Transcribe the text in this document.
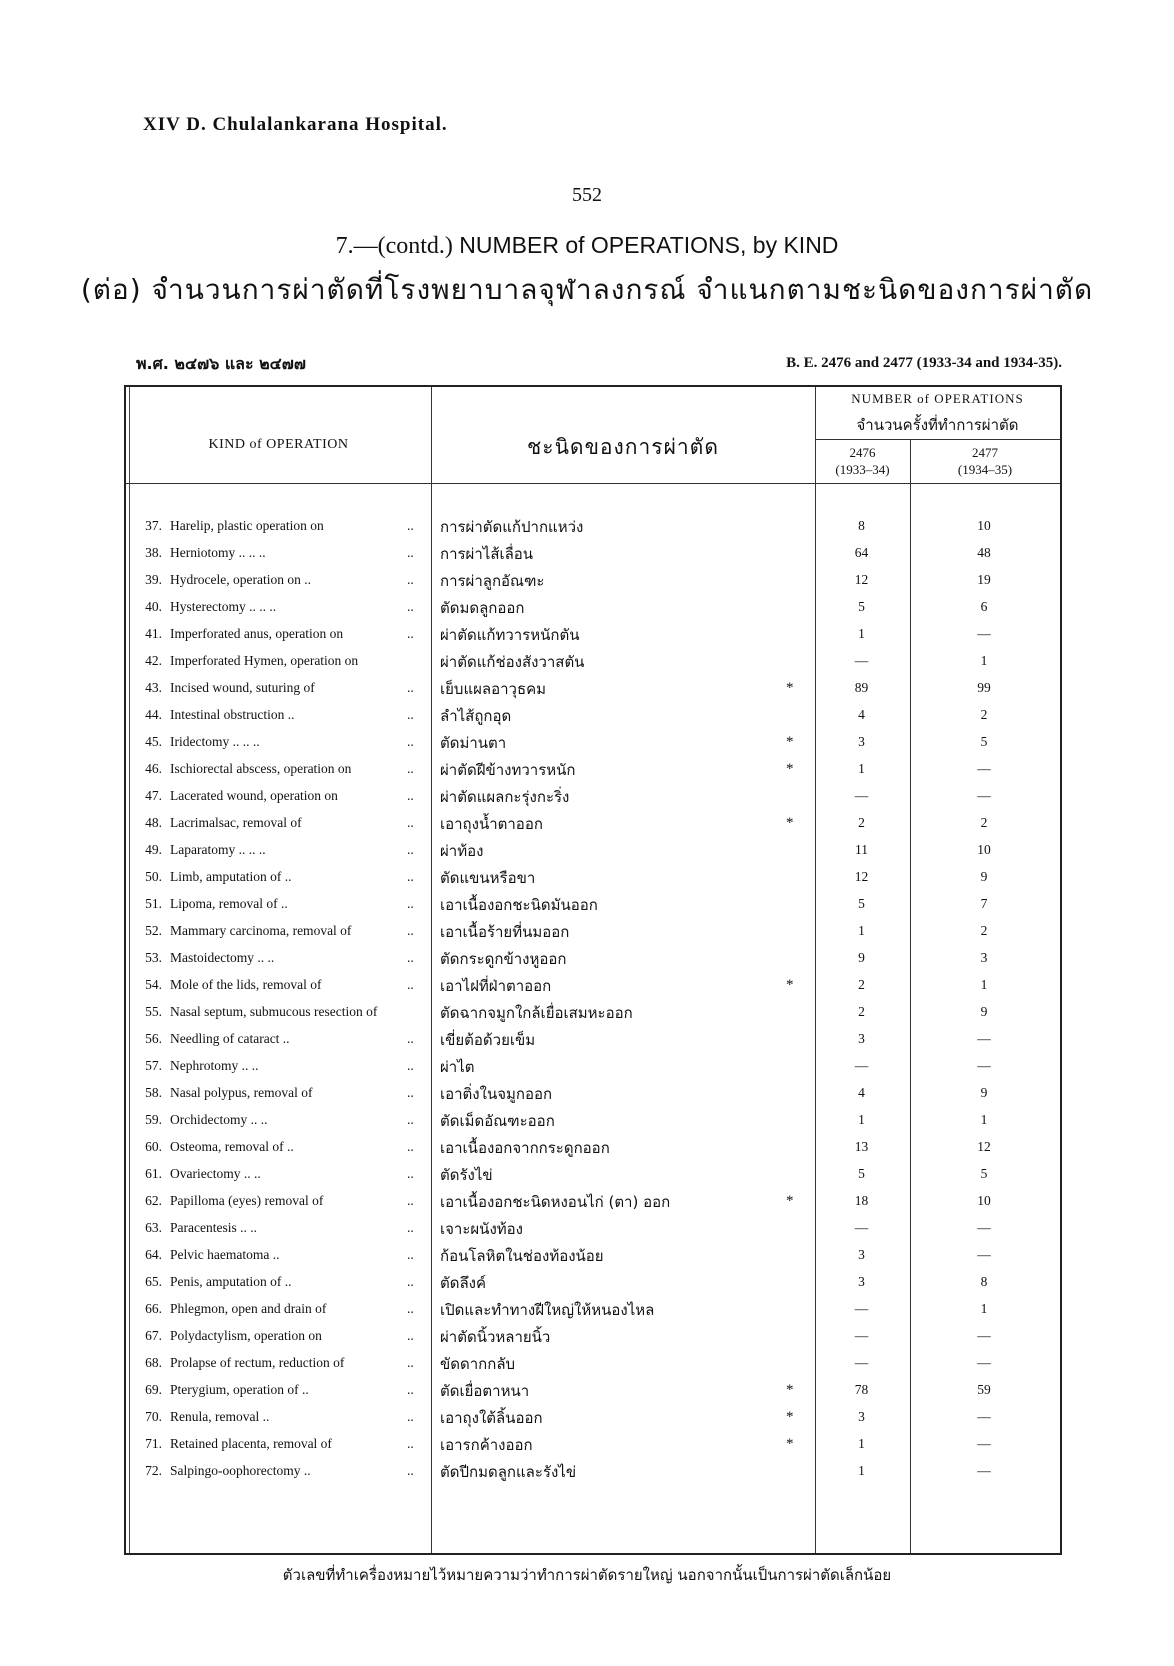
XIV D. Chulalankarana Hospital.
552
7.—(contd.) NUMBER of OPERATIONS, by KIND
(ต่อ) จำนวนการผ่าตัดที่โรงพยาบาลจุฬาลงกรณ์ จำแนกตามชะนิดของการผ่าตัด
พ.ศ. ๒๔๗๖ และ ๒๔๗๗	B. E. 2476 and 2477 (1933-34 and 1934-35).
KIND of OPERATION	ชะนิดของการผ่าตัด
NUMBER of OPERATIONS
จำนวนครั้งที่ทำการผ่าตัด
2476
(1933–34)
2477
(1934–35)
37. Harelip, plastic operation on	.. การผ่าตัดแก้ปากแหว่ง	8	10
38. Herniotomy .. .. ..	.. การผ่าไส้เลื่อน	64	48
39. Hydrocele, operation on ..	.. การผ่าลูกอัณฑะ	12	19
40. Hysterectomy .. .. ..	.. ตัดมดลูกออก	5	6
41. Imperforated anus, operation on	.. ผ่าตัดแก้ทวารหนักตัน	1	—
42. Imperforated Hymen, operation on	ผ่าตัดแก้ช่องสังวาสตัน	—	1
43. Incised wound, suturing of	.. เย็บแผลอาวุธคม	*	89	99
44. Intestinal obstruction ..	.. ลำไส้ถูกอุด	4	2
45. Iridectomy .. .. ..	.. ตัดม่านตา	*	3	5
46. Ischiorectal abscess, operation on	.. ผ่าตัดฝีข้างทวารหนัก	*	1	—
47. Lacerated wound, operation on	.. ผ่าตัดแผลกะรุ่งกะริ่ง	—	—
48. Lacrimalsac, removal of	.. เอาถุงน้ำตาออก	*	2	2
49. Laparatomy .. .. ..	.. ผ่าท้อง	11	10
50. Limb, amputation of ..	.. ตัดแขนหรือขา	12	9
51. Lipoma, removal of ..	.. เอาเนื้องอกชะนิดมันออก	5	7
52. Mammary carcinoma, removal of	.. เอาเนื้อร้ายที่นมออก	1	2
53. Mastoidectomy .. ..	.. ตัดกระดูกข้างหูออก	9	3
54. Mole of the lids, removal of	.. เอาไฝที่ฝ่าตาออก	*	2	1
55. Nasal septum, submucous resection of	ตัดฉากจมูกใกล้เยื่อเสมหะออก	2	9
56. Needling of cataract ..	.. เขี่ยต้อด้วยเข็ม	3	—
57. Nephrotomy .. ..	.. ผ่าไต	—	—
58. Nasal polypus, removal of	.. เอาติ่งในจมูกออก	4	9
59. Orchidectomy .. ..	.. ตัดเม็ดอัณฑะออก	1	1
60. Osteoma, removal of ..	.. เอาเนื้องอกจากกระดูกออก	13	12
61. Ovariectomy .. ..	.. ตัดรังไข่	5	5
62. Papilloma (eyes) removal of	.. เอาเนื้องอกชะนิดหงอนไก่ (ตา) ออก	*	18	10
63. Paracentesis .. ..	.. เจาะผนังท้อง	—	—
64. Pelvic haematoma ..	.. ก้อนโลหิตในช่องท้องน้อย	3	—
65. Penis, amputation of ..	.. ตัดลึงค์	3	8
66. Phlegmon, open and drain of	.. เปิดและทำทางฝีใหญ่ให้หนองไหล	—	1
67. Polydactylism, operation on	.. ผ่าตัดนิ้วหลายนิ้ว	—	—
68. Prolapse of rectum, reduction of	.. ขัดดากกลับ	—	—
69. Pterygium, operation of ..	.. ตัดเยื่อตาหนา	*	78	59
70. Renula, removal ..	.. เอาถุงใต้ลิ้นออก	*	3	—
71. Retained placenta, removal of	.. เอารกค้างออก	*	1	—
72. Salpingo-oophorectomy ..	.. ตัดปีกมดลูกและรังไข่	1	—
ตัวเลขที่ทำเครื่องหมายไว้หมายความว่าทำการผ่าตัดรายใหญ่ นอกจากนั้นเป็นการผ่าตัดเล็กน้อย
